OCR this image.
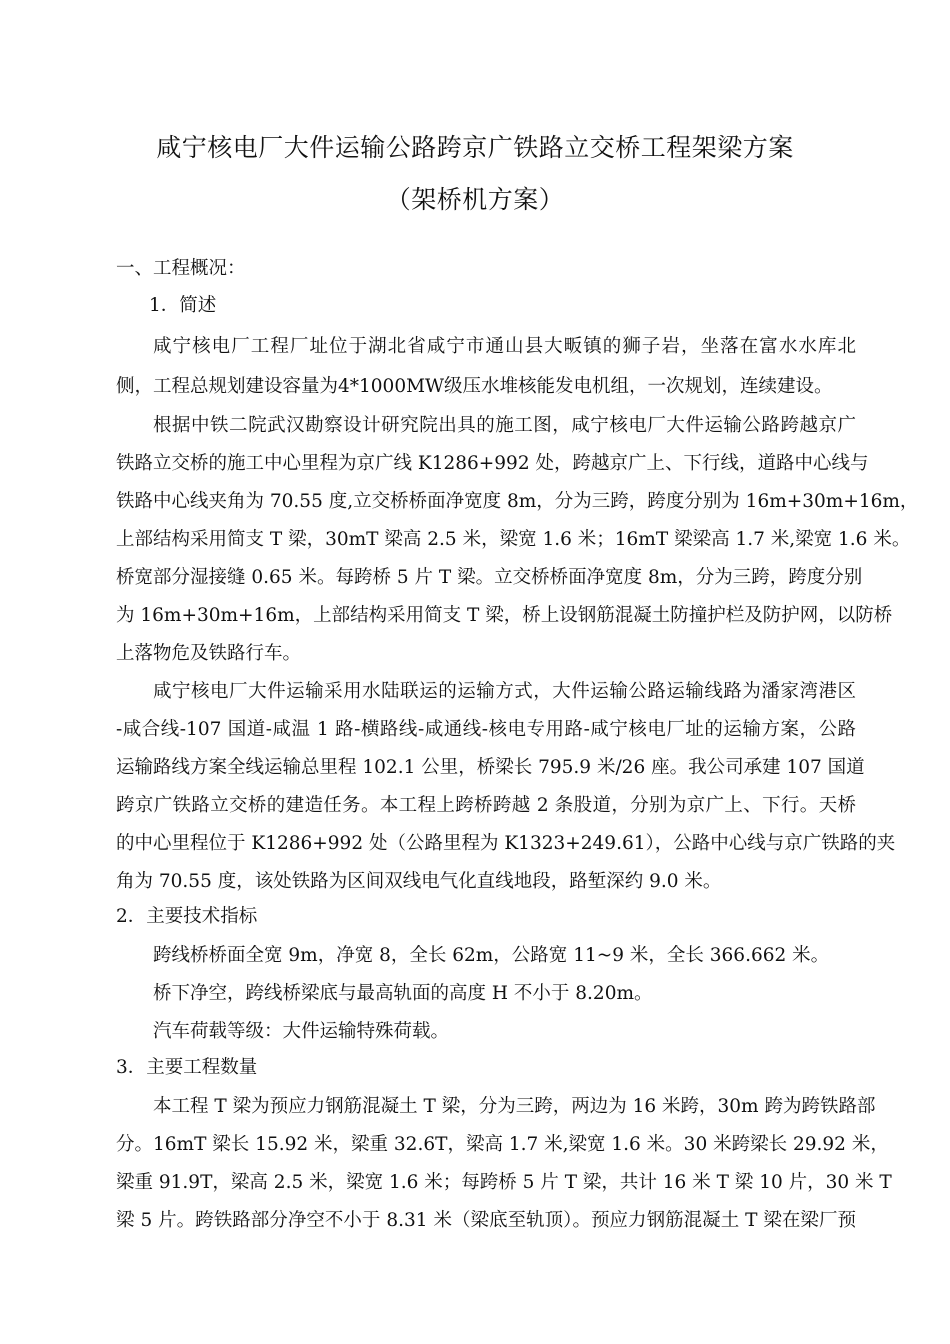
咸宁核电厂大件运输公路跨京广铁路立交桥工程架梁方案
（架桥机方案）
一、工程概况：
1．简述
咸宁核电厂工程厂址位于湖北省咸宁市通山县大畈镇的狮子岩，坐落在富水水库北
侧，工程总规划建设容量为4*1000MW级压水堆核能发电机组，一次规划，连续建设。
根据中铁二院武汉勘察设计研究院出具的施工图，咸宁核电厂大件运输公路跨越京广
铁路立交桥的施工中心里程为京广线 K1286+992 处，跨越京广上、下行线，道路中心线与
铁路中心线夹角为 70.55 度,立交桥桥面净宽度 8m，分为三跨，跨度分别为 16m+30m+16m，
上部结构采用简支 T 梁，30mT 梁高 2.5 米，梁宽 1.6 米；16mT 梁梁高 1.7 米,梁宽 1.6 米。
桥宽部分湿接缝 0.65 米。每跨桥 5 片 T 梁。立交桥桥面净宽度 8m，分为三跨，跨度分别
为 16m+30m+16m，上部结构采用简支 T 梁，桥上设钢筋混凝土防撞护栏及防护网，以防桥
上落物危及铁路行车。
咸宁核电厂大件运输采用水陆联运的运输方式，大件运输公路运输线路为潘家湾港区
-咸合线-107 国道-咸温 1 路-横路线-咸通线-核电专用路-咸宁核电厂址的运输方案，公路
运输路线方案全线运输总里程 102.1 公里，桥梁长 795.9 米/26 座。我公司承建 107 国道
跨京广铁路立交桥的建造任务。本工程上跨桥跨越 2 条股道，分别为京广上、下行。天桥
的中心里程位于 K1286+992 处（公路里程为 K1323+249.61），公路中心线与京广铁路的夹
角为 70.55 度，该处铁路为区间双线电气化直线地段，路堑深约 9.0 米。
2．主要技术指标
跨线桥桥面全宽 9m，净宽 8，全长 62m，公路宽 11~9 米，全长 366.662 米。
桥下净空，跨线桥梁底与最高轨面的高度 H 不小于 8.20m。
汽车荷载等级：大件运输特殊荷载。
3．主要工程数量
本工程 T 梁为预应力钢筋混凝土 T 梁，分为三跨，两边为 16 米跨，30m 跨为跨铁路部
分。16mT 梁长 15.92 米，梁重 32.6T，梁高 1.7 米,梁宽 1.6 米。30 米跨梁长 29.92 米，
梁重 91.9T，梁高 2.5 米，梁宽 1.6 米；每跨桥 5 片 T 梁，共计 16 米 T 梁 10 片，30 米 T
梁 5 片。跨铁路部分净空不小于 8.31 米（梁底至轨顶）。预应力钢筋混凝土 T 梁在梁厂预
